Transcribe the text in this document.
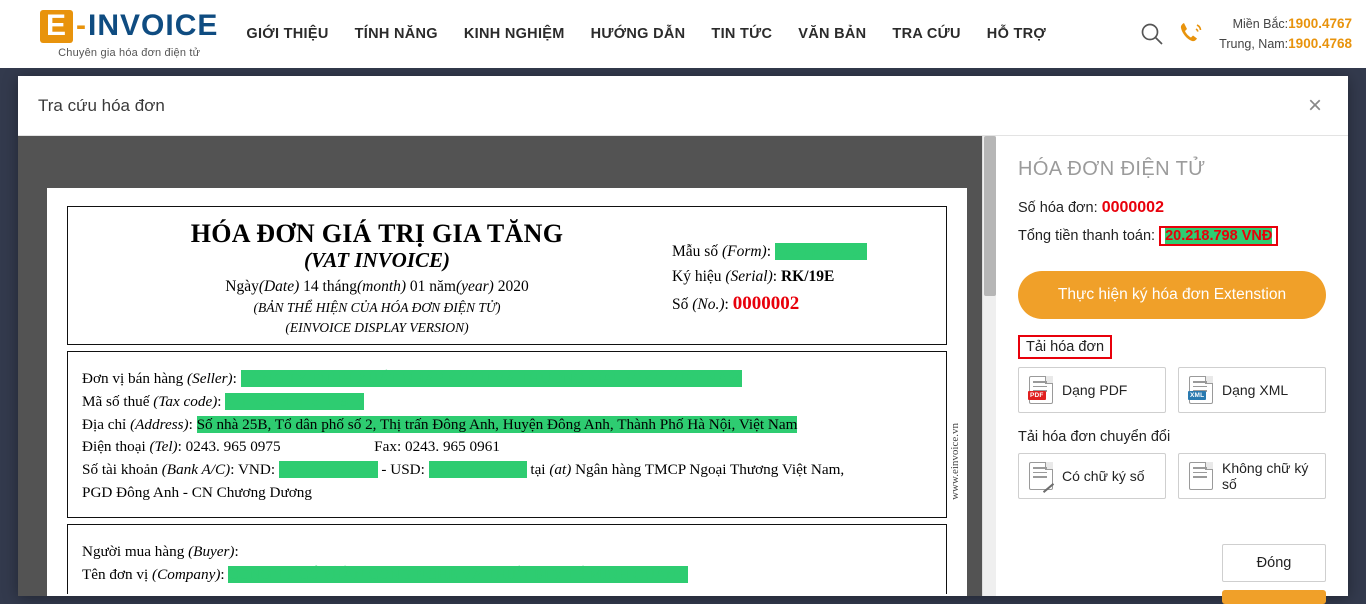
E - INVOICE
Chuyên gia hóa đơn điện tử
GIỚI THIỆU TÍNH NĂNG KINH NGHIỆM HƯỚNG DẪN TIN TỨC VĂN BẢN TRA CỨU HỖ TRỢ
Miền Bắc:1900.4767
Trung, Nam:1900.4768
Tra cứu hóa đơn	×
HÓA ĐƠN GIÁ TRỊ GIA TĂNG
(VAT INVOICE)
Ngày(Date) 14 tháng(month) 01 năm(year) 2020
(BẢN THỂ HIỆN CỦA HÓA ĐƠN ĐIỆN TỬ)
(EINVOICE DISPLAY VERSION)
Mẫu số (Form): 01GTKT0/008
Ký hiệu (Serial): RK/19E
Số (No.): 0000002
Đơn vị bán hàng (Seller): CÔNG TY TNHH XUẤT NHẬP KHẨU VÀ THƯƠNG MẠI ROKO VIỆT NAM
Mã số thuế (Tax code): 0 1 0 6 4 1 6 1 9 3
Địa chỉ (Address): Số nhà 25B, Tổ dân phố số 2, Thị trấn Đông Anh, Huyện Đông Anh, Thành Phố Hà Nội, Việt Nam
Điện thoại (Tel): 0243. 965 0975	Fax: 0243. 965 0961
Số tài khoản (Bank A/C): VND: 0541000222066 - USD: 054137022212? tại (at) Ngân hàng TMCP Ngoại Thương Việt Nam,
PGD Đông Anh - CN Chương Dương
Người mua hàng (Buyer):
Tên đơn vị (Company): CÔNG TY CỔ PHẦN CÔNG NGHỆ VÀ THIẾT BỊ Y TẾ MINH QUANG
www.einvoice.vn
HÓA ĐƠN ĐIỆN TỬ
Số hóa đơn: 0000002
Tổng tiền thanh toán: 20.218.798 VNĐ
Thực hiện ký hóa đơn Extenstion Tải hóa đơn
PDF Dạng PDF	XML Dạng XML
Tải hóa đơn chuyển đổi
Có chữ ký số	Không chữ ký số
Đóng
